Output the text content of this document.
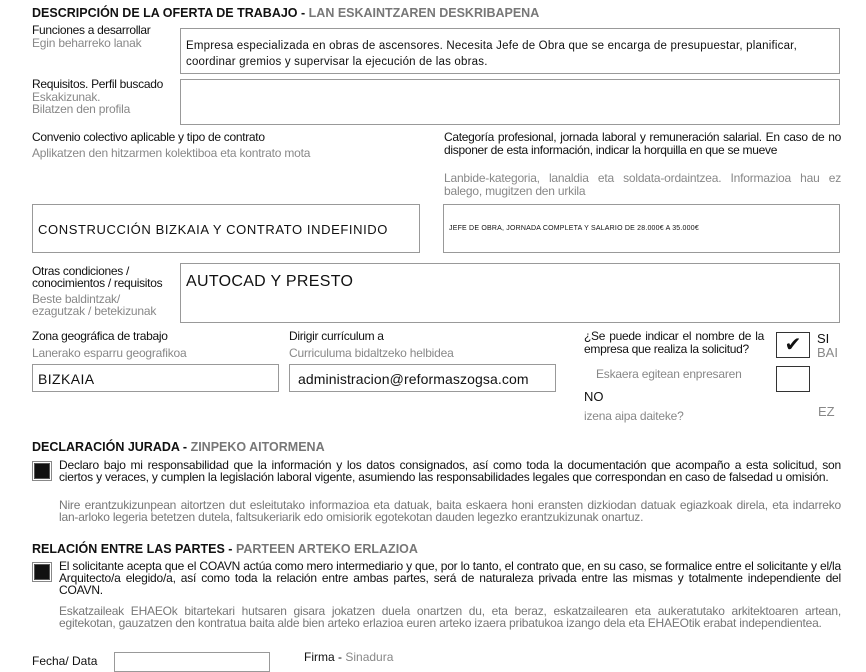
DESCRIPCIÓN DE LA OFERTA DE TRABAJO - LAN ESKAINTZAREN DESKRIBAPENA
Funciones a desarrollar
Egin beharreko lanak	Empresa especializada en obras de ascensores. Necesita Jefe de Obra que se encarga de presupuestar, planificar, coordinar gremios y supervisar la ejecución de las obras.
Requisitos. Perfil buscado
Eskakizunak.
Bilatzen den profila
Convenio colectivo aplicable y tipo de contrato
Aplikatzen den hitzarmen kolektiboa eta kontrato mota
CONSTRUCCIÓN BIZKAIA Y CONTRATO INDEFINIDO
Categoría profesional, jornada laboral y remuneración salarial. En caso de no disponer de esta información, indicar la horquilla en que se mueve
Lanbide-kategoria, lanaldia eta soldata-ordaintzea. Informazioa hau ez balego, mugitzen den urkila
JEFE DE OBRA, JORNADA COMPLETA Y SALARIO DE 28.000€ A 35.000€
Otras condiciones /
conocimientos / requisitos
Beste baldintzak/
ezagutzak / betekizunak
AUTOCAD Y PRESTO
Zona geográfica de trabajo
Lanerako esparru geografikoa
BIZKAIA
Dirigir currículum a
Curriculuma bidaltzeko helbidea
administracion@reformaszogsa.com
¿Se puede indicar el nombre de la empresa que realiza la solicitud?
Eskaera egitean enpresaren
izena aipa daiteke?
✔	SI
BAI
NO
EZ
DECLARACIÓN JURADA - ZINPEKO AITORMENA
Declaro bajo mi responsabilidad que la información y los datos consignados, así como toda la documentación que acompaño a esta solicitud, son ciertos y veraces, y cumplen la legislación laboral vigente, asumiendo las responsabilidades legales que correspondan en caso de falsedad u omisión.
Nire erantzukizunpean aitortzen dut esleitutako informazioa eta datuak, baita eskaera honi eransten dizkiodan datuak egiazkoak direla, eta indarreko lan-arloko legeria betetzen dutela, faltsukeriarik edo omisiorik egotekotan dauden legezko erantzukizunak onartuz.
RELACIÓN ENTRE LAS PARTES - PARTEEN ARTEKO ERLAZIOA
El solicitante acepta que el COAVN actúa como mero intermediario y que, por lo tanto, el contrato que, en su caso, se formalice entre el solicitante y el/la Arquitecto/a elegido/a, así como toda la relación entre ambas partes, será de naturaleza privada entre las mismas y totalmente independiente del COAVN.
Eskatzaileak EHAEOk bitartekari hutsaren gisara jokatzen duela onartzen du, eta beraz, eskatzailearen eta aukeratutako arkitektoaren artean, egitekotan, gauzatzen den kontratua baita alde bien arteko erlazioa euren arteko izaera pribatukoa izango dela eta EHAEOtik erabat independientea.
Fecha/ Data	Firma - Sinadura
